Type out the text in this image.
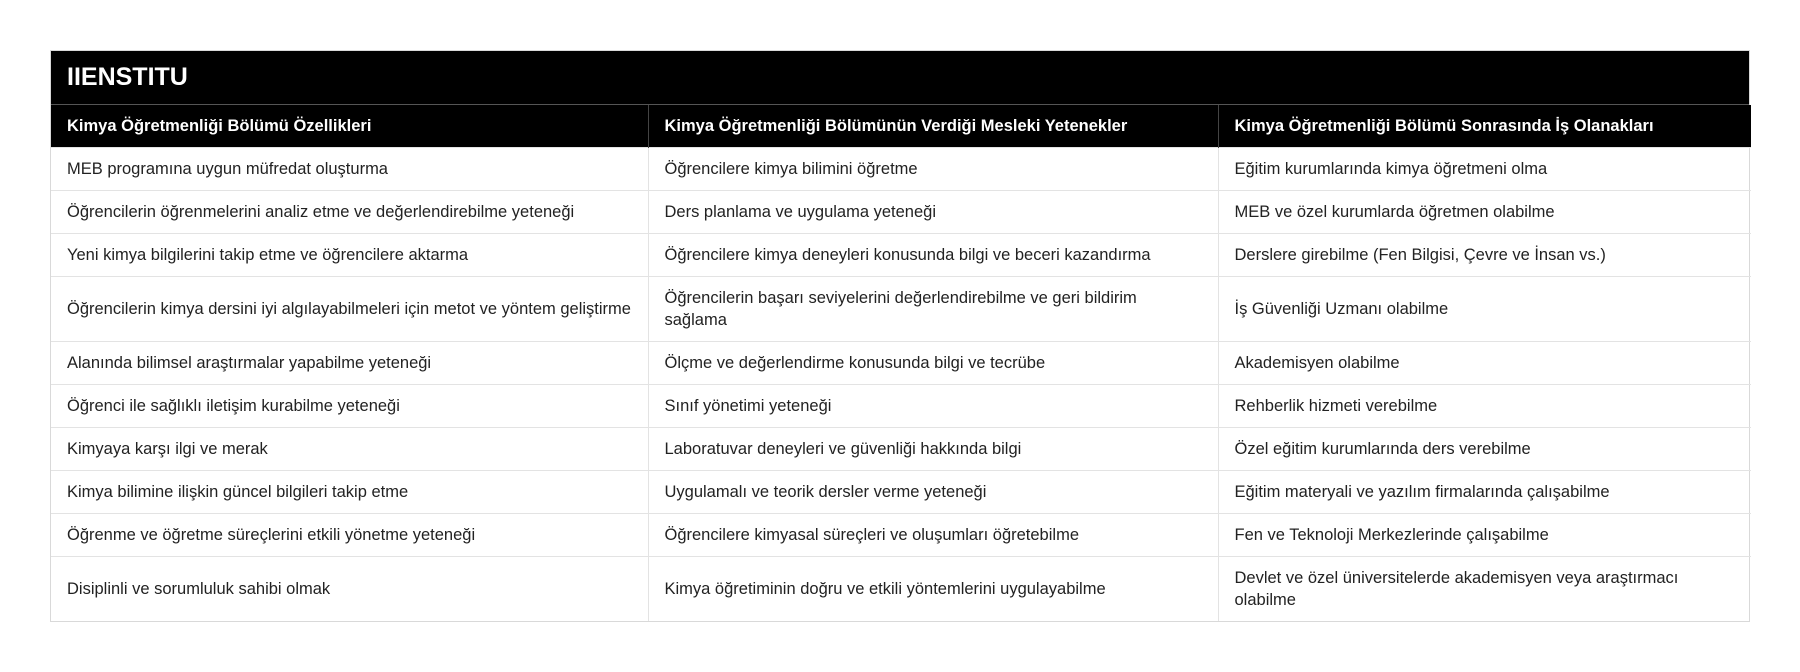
IIENSTITU
Kimya Öğretmenliği Bölümü Özellikleri	Kimya Öğretmenliği Bölümünün Verdiği Mesleki Yetenekler	Kimya Öğretmenliği Bölümü Sonrasında İş Olanakları
MEB programına uygun müfredat oluşturma	Öğrencilere kimya bilimini öğretme	Eğitim kurumlarında kimya öğretmeni olma
Öğrencilerin öğrenmelerini analiz etme ve değerlendirebilme yeteneği	Ders planlama ve uygulama yeteneği	MEB ve özel kurumlarda öğretmen olabilme
Yeni kimya bilgilerini takip etme ve öğrencilere aktarma	Öğrencilere kimya deneyleri konusunda bilgi ve beceri kazandırma	Derslere girebilme (Fen Bilgisi, Çevre ve İnsan vs.)
Öğrencilerin kimya dersini iyi algılayabilmeleri için metot ve yöntem geliştirme	Öğrencilerin başarı seviyelerini değerlendirebilme ve geri bildirim sağlama	İş Güvenliği Uzmanı olabilme
Alanında bilimsel araştırmalar yapabilme yeteneği	Ölçme ve değerlendirme konusunda bilgi ve tecrübe	Akademisyen olabilme
Öğrenci ile sağlıklı iletişim kurabilme yeteneği	Sınıf yönetimi yeteneği	Rehberlik hizmeti verebilme
Kimyaya karşı ilgi ve merak	Laboratuvar deneyleri ve güvenliği hakkında bilgi	Özel eğitim kurumlarında ders verebilme
Kimya bilimine ilişkin güncel bilgileri takip etme	Uygulamalı ve teorik dersler verme yeteneği	Eğitim materyali ve yazılım firmalarında çalışabilme
Öğrenme ve öğretme süreçlerini etkili yönetme yeteneği	Öğrencilere kimyasal süreçleri ve oluşumları öğretebilme	Fen ve Teknoloji Merkezlerinde çalışabilme
Disiplinli ve sorumluluk sahibi olmak	Kimya öğretiminin doğru ve etkili yöntemlerini uygulayabilme	Devlet ve özel üniversitelerde akademisyen veya araştırmacı olabilme
